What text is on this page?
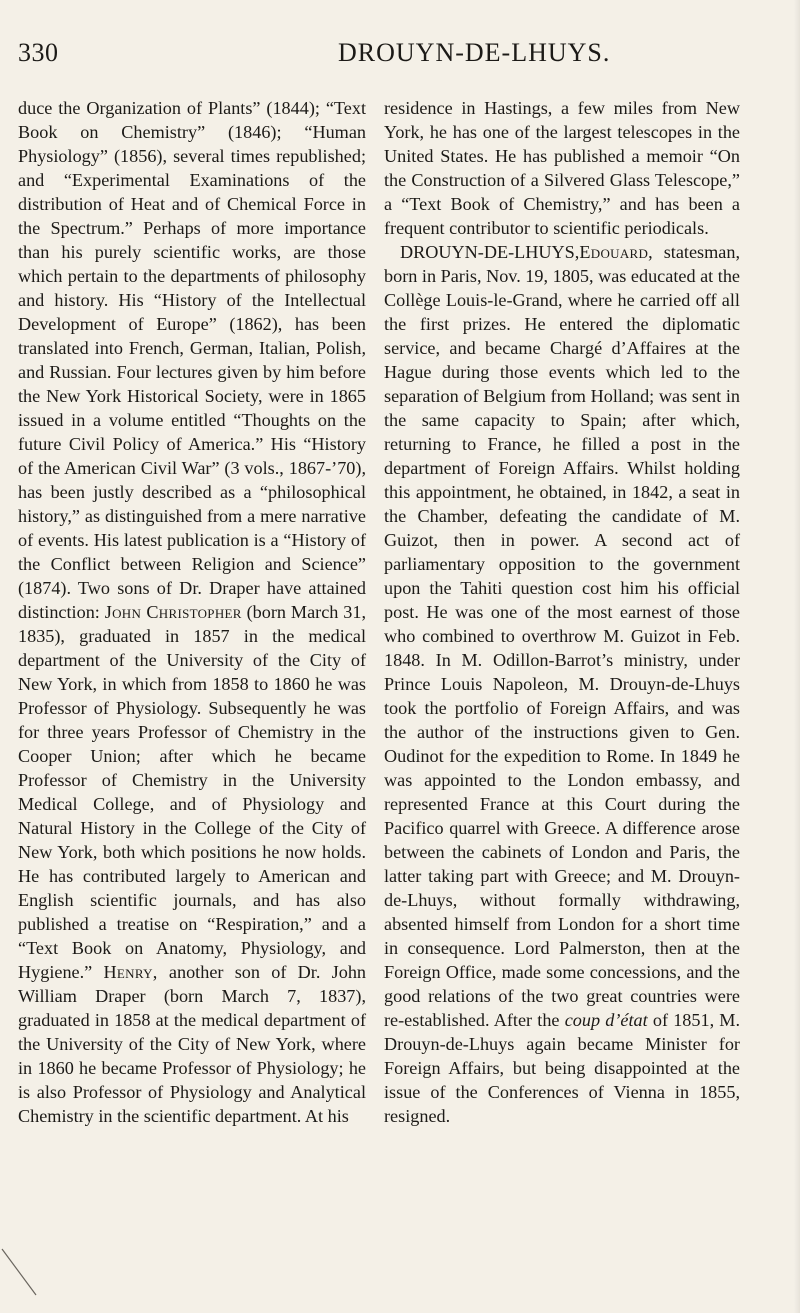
330	DROUYN-DE-LHUYS.

duce the Organization of Plants” (1844); “Text Book on Chemistry” (1846); “Human Physiology” (1856), several times republished; and “Experimental Examinations of the distribution of Heat and of Chemical Force in the Spectrum.” Perhaps of more importance than his purely scientific works, are those which pertain to the departments of philosophy and history. His “History of the Intellectual Development of Europe” (1862), has been translated into French, German, Italian, Polish, and Russian. Four lectures given by him before the New York Historical Society, were in 1865 issued in a volume entitled “Thoughts on the future Civil Policy of America.” His “History of the American Civil War” (3 vols., 1867-’70), has been justly described as a “philosophical history,” as distinguished from a mere narrative of events. His latest publication is a “History of the Conflict between Religion and Science” (1874). Two sons of Dr. Draper have attained distinction: John Christopher (born March 31, 1835), graduated in 1857 in the medical department of the University of the City of New York, in which from 1858 to 1860 he was Professor of Physiology. Subsequently he was for three years Professor of Chemistry in the Cooper Union; after which he became Professor of Chemistry in the University Medical College, and of Physiology and Natural History in the College of the City of New York, both which positions he now holds. He has contributed largely to American and English scientific journals, and has also published a treatise on “Respiration,” and a “Text Book on Anatomy, Physiology, and Hygiene.” Henry, another son of Dr. John William Draper (born March 7, 1837), graduated in 1858 at the medical department of the University of the City of New York, where in 1860 he became Professor of Physiology; he is also Professor of Physiology and Analytical Chemistry in the scientific department. At his

residence in Hastings, a few miles from New York, he has one of the largest telescopes in the United States. He has published a memoir “On the Construction of a Silvered Glass Telescope,” a “Text Book of Chemistry,” and has been a frequent contributor to scientific periodicals.

DROUYN-DE-LHUYS,Edouard, statesman, born in Paris, Nov. 19, 1805, was educated at the Collège Louis-le-Grand, where he carried off all the first prizes. He entered the diplomatic service, and became Chargé d’Affaires at the Hague during those events which led to the separation of Belgium from Holland; was sent in the same capacity to Spain; after which, returning to France, he filled a post in the department of Foreign Affairs. Whilst holding this appointment, he obtained, in 1842, a seat in the Chamber, defeating the candidate of M. Guizot, then in power. A second act of parliamentary opposition to the government upon the Tahiti question cost him his official post. He was one of the most earnest of those who combined to overthrow M. Guizot in Feb. 1848. In M. Odillon-Barrot’s ministry, under Prince Louis Napoleon, M. Drouyn-de-Lhuys took the portfolio of Foreign Affairs, and was the author of the instructions given to Gen. Oudinot for the expedition to Rome. In 1849 he was appointed to the London embassy, and represented France at this Court during the Pacifico quarrel with Greece. A difference arose between the cabinets of London and Paris, the latter taking part with Greece; and M. Drouyn-de-Lhuys, without formally withdrawing, absented himself from London for a short time in consequence. Lord Palmerston, then at the Foreign Office, made some concessions, and the good relations of the two great countries were re-established. After the coup d’état of 1851, M. Drouyn-de-Lhuys again became Minister for Foreign Affairs, but being disappointed at the issue of the Conferences of Vienna in 1855, resigned.
